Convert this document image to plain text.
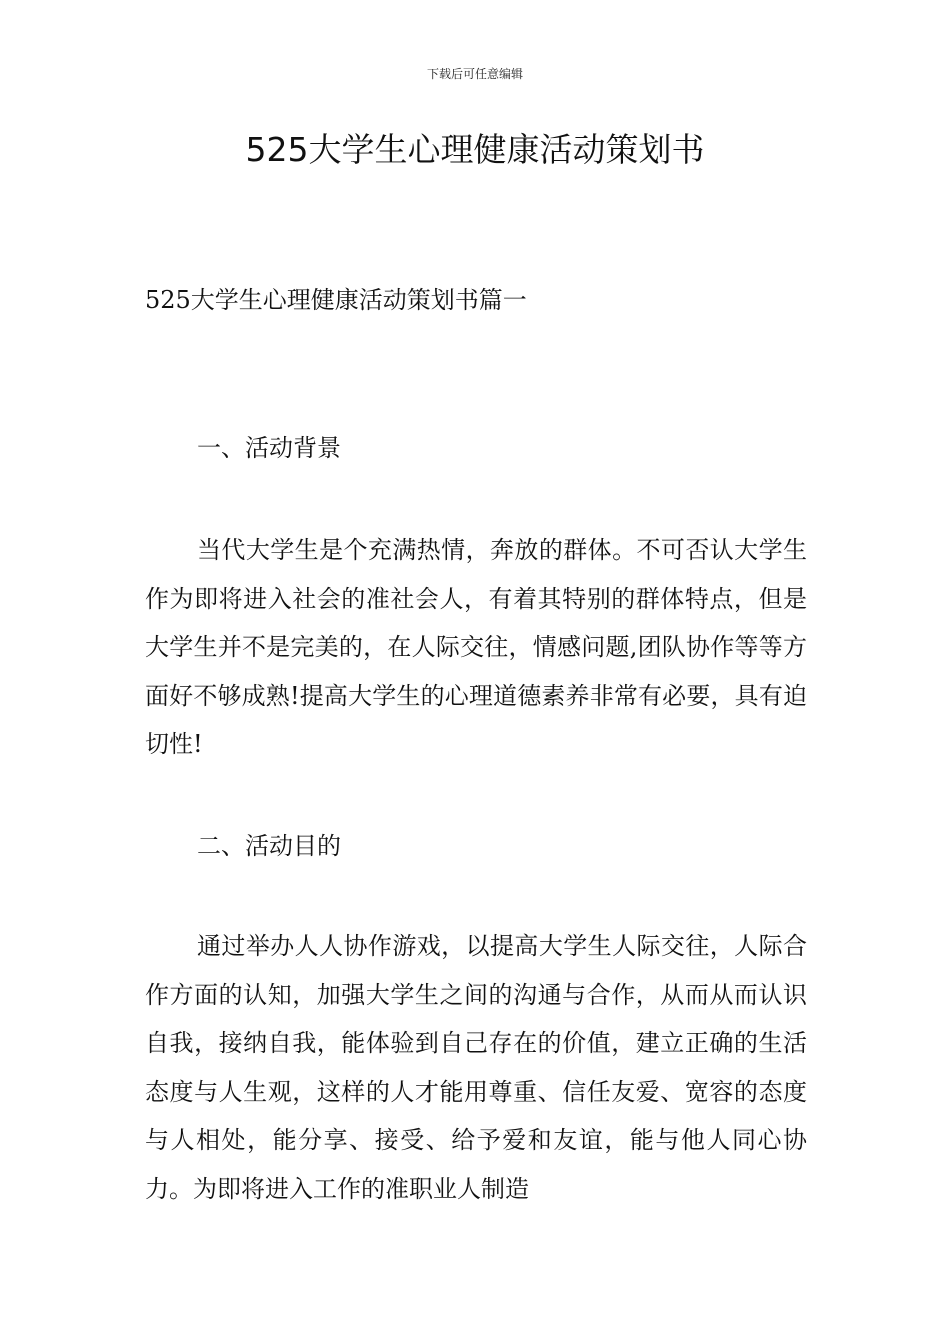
下载后可任意编辑
525大学生心理健康活动策划书

525大学生心理健康活动策划书篇一

一、活动背景

当代大学生是个充满热情，奔放的群体。不可否认大学生作为即将进入社会的准社会人，有着其特别的群体特点，但是大学生并不是完美的，在人际交往，情感问题,团队协作等等方面好不够成熟!提高大学生的心理道德素养非常有必要，具有迫切性!

二、活动目的

通过举办人人协作游戏，以提高大学生人际交往，人际合作方面的认知，加强大学生之间的沟通与合作，从而从而认识自我，接纳自我，能体验到自己存在的价值，建立正确的生活态度与人生观，这样的人才能用尊重、信任友爱、宽容的态度与人相处，能分享、接受、给予爱和友谊，能与他人同心协力。为即将进入工作的准职业人制造
